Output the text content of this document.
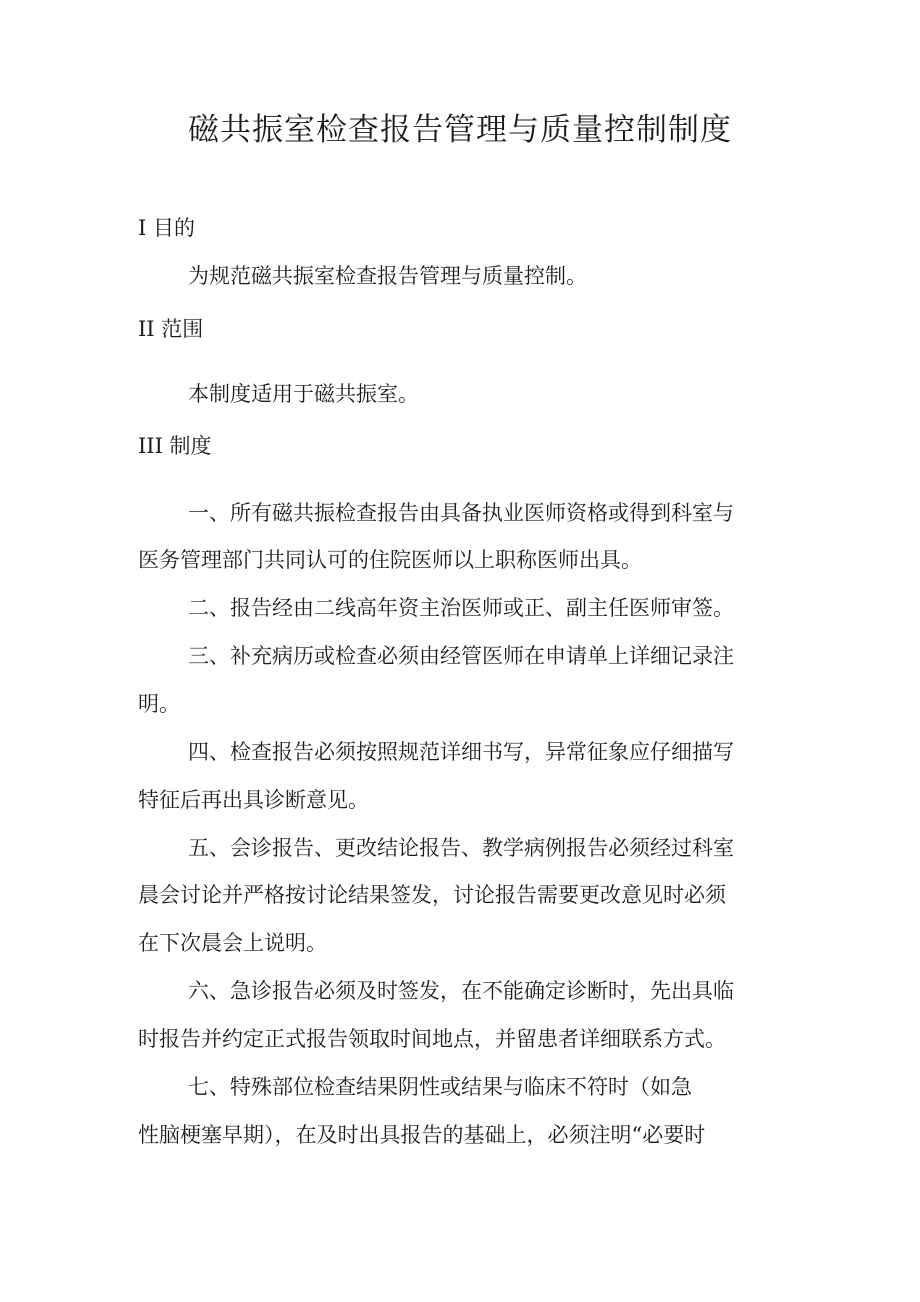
磁共振室检查报告管理与质量控制制度
I 目的
为规范磁共振室检查报告管理与质量控制。
II 范围
本制度适用于磁共振室。
III 制度
一、所有磁共振检查报告由具备执业医师资格或得到科室与
医务管理部门共同认可的住院医师以上职称医师出具。
二、报告经由二线高年资主治医师或正、副主任医师审签。
三、补充病历或检查必须由经管医师在申请单上详细记录注
明。
四、检查报告必须按照规范详细书写，异常征象应仔细描写
特征后再出具诊断意见。
五、会诊报告、更改结论报告、教学病例报告必须经过科室
晨会讨论并严格按讨论结果签发，讨论报告需要更改意见时必须
在下次晨会上说明。
六、急诊报告必须及时签发，在不能确定诊断时，先出具临
时报告并约定正式报告领取时间地点，并留患者详细联系方式。
七、特殊部位检查结果阴性或结果与临床不符时（如急
性脑梗塞早期），在及时出具报告的基础上，必须注明“必要时
